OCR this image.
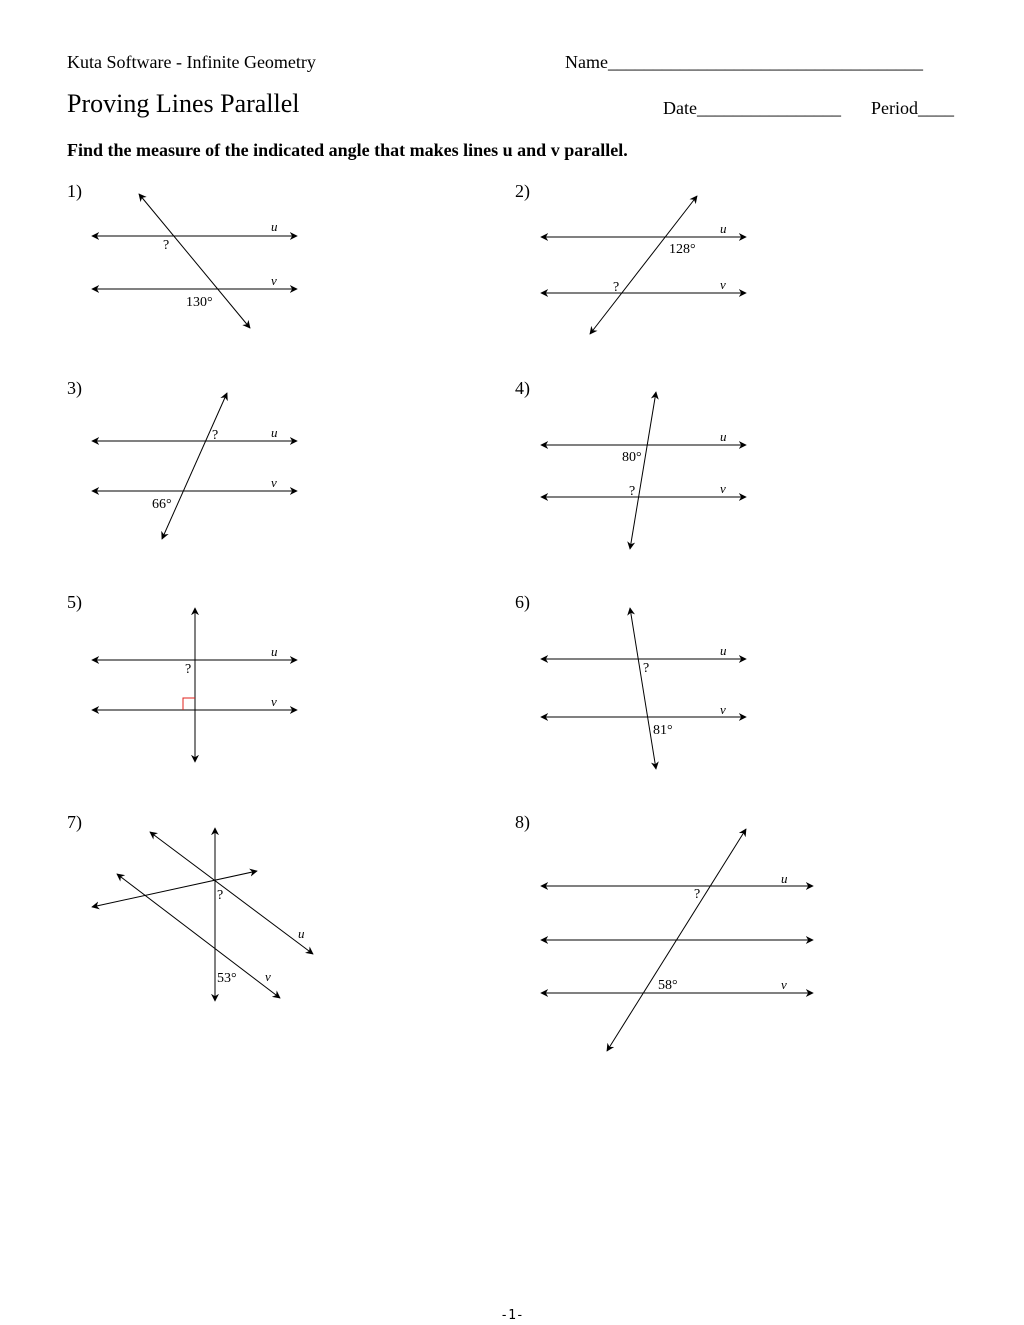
Kuta Software - Infinite Geometry	Name___________________________________
Proving Lines Parallel	Date________________ Period____
Find the measure of the indicated angle that makes lines u and v parallel.
1)	2)
3)	4)
5)	6)
7)	8)
u
v
?
130°
u
v
128°
?
u
v
?
66°
u
v
80°
?
u
v
?
u
v
?
81°
u
v
?
53°
u
v
?
58°
-1-
